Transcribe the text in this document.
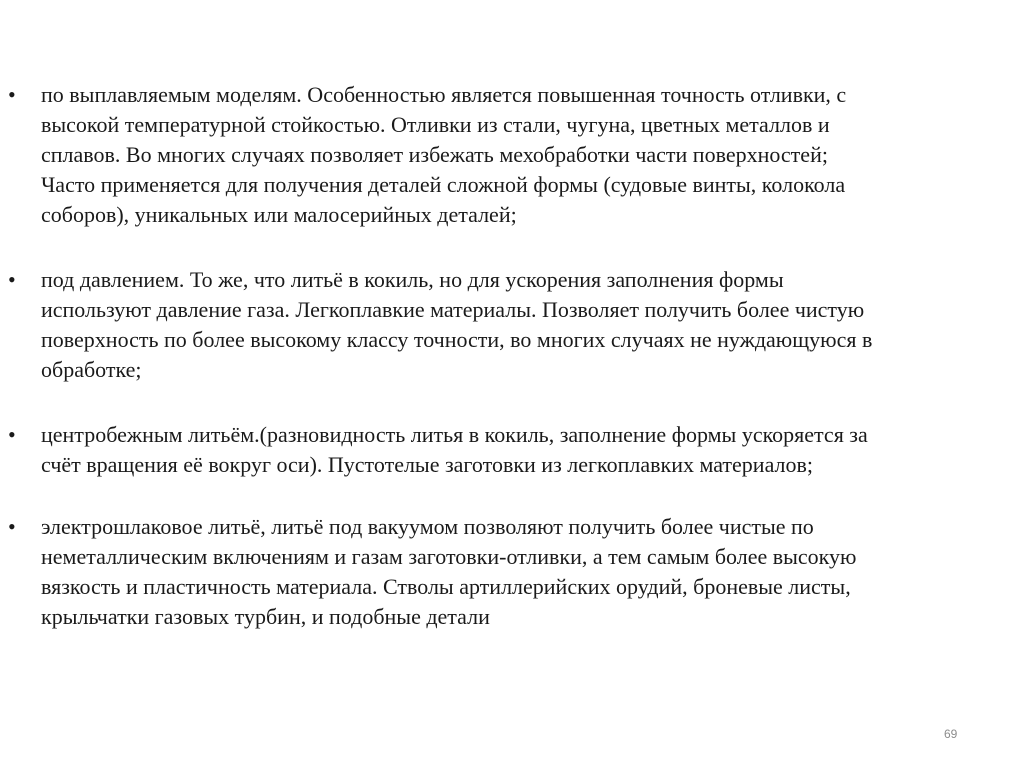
• по выплавляемым моделям. Особенностью является повышенная точность отливки, с
высокой температурной стойкостью. Отливки из стали, чугуна, цветных металлов и
сплавов. Во многих случаях позволяет избежать мехобработки части поверхностей;
Часто применяется для получения деталей сложной формы (судовые винты, колокола
соборов), уникальных или малосерийных деталей;
• под давлением. То же, что литьё в кокиль, но для ускорения заполнения формы
используют давление газа. Легкоплавкие материалы. Позволяет получить более чистую
поверхность по более высокому классу точности, во многих случаях не нуждающуюся в
обработке;
• центробежным литьём.(разновидность литья в кокиль, заполнение формы ускоряется за
счёт вращения её вокруг оси). Пустотелые заготовки из легкоплавких материалов;
• электрошлаковое литьё, литьё под вакуумом позволяют получить более чистые по
неметаллическим включениям и газам заготовки-отливки, а тем самым более высокую
вязкость и пластичность материала. Стволы артиллерийских орудий, броневые листы,
крыльчатки газовых турбин, и подобные детали
69
